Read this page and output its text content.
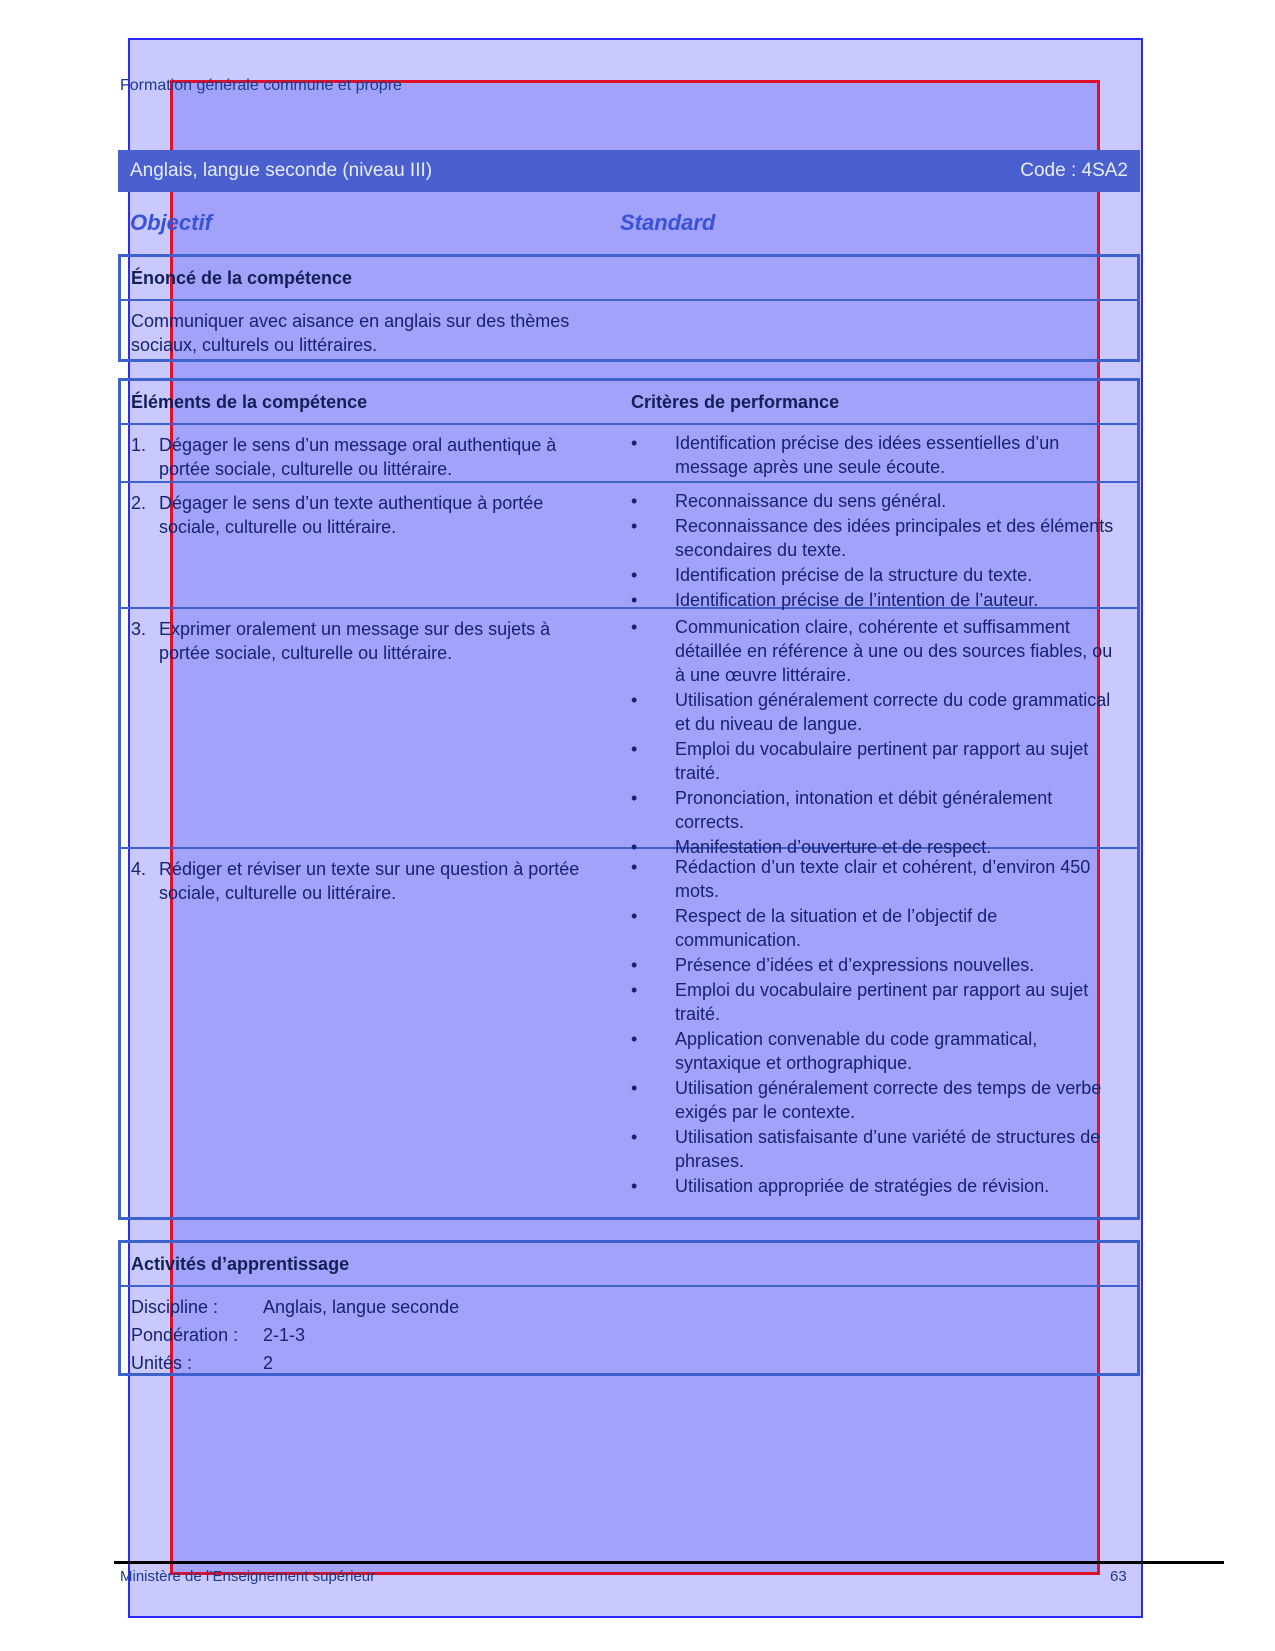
Formation générale commune et propre
Anglais, langue seconde (niveau III)	Code : 4SA2
Objectif	Standard
Énoncé de la compétence
Communiquer avec aisance en anglais sur des thèmes sociaux, culturels ou littéraires.
Éléments de la compétence	Critères de performance
1. Dégager le sens d’un message oral authentique à portée sociale, culturelle ou littéraire.
• Identification précise des idées essentielles d’un message après une seule écoute.
2. Dégager le sens d’un texte authentique à portée sociale, culturelle ou littéraire.
• Reconnaissance du sens général.
• Reconnaissance des idées principales et des éléments secondaires du texte.
• Identification précise de la structure du texte.
• Identification précise de l’intention de l’auteur.
3. Exprimer oralement un message sur des sujets à portée sociale, culturelle ou littéraire.
• Communication claire, cohérente et suffisamment détaillée en référence à une ou des sources fiables, ou à une œuvre littéraire.
• Utilisation généralement correcte du code grammatical et du niveau de langue.
• Emploi du vocabulaire pertinent par rapport au sujet traité.
• Prononciation, intonation et débit généralement corrects.
• Manifestation d’ouverture et de respect.
4. Rédiger et réviser un texte sur une question à portée sociale, culturelle ou littéraire.
• Rédaction d’un texte clair et cohérent, d’environ 450 mots.
• Respect de la situation et de l’objectif de communication.
• Présence d’idées et d’expressions nouvelles.
• Emploi du vocabulaire pertinent par rapport au sujet traité.
• Application convenable du code grammatical, syntaxique et orthographique.
• Utilisation généralement correcte des temps de verbe exigés par le contexte.
• Utilisation satisfaisante d’une variété de structures de phrases.
• Utilisation appropriée de stratégies de révision.
Activités d’apprentissage
Discipline :	Anglais, langue seconde
Pondération :	2-1-3
Unités :	2
Ministère de l’Enseignement supérieur	63
